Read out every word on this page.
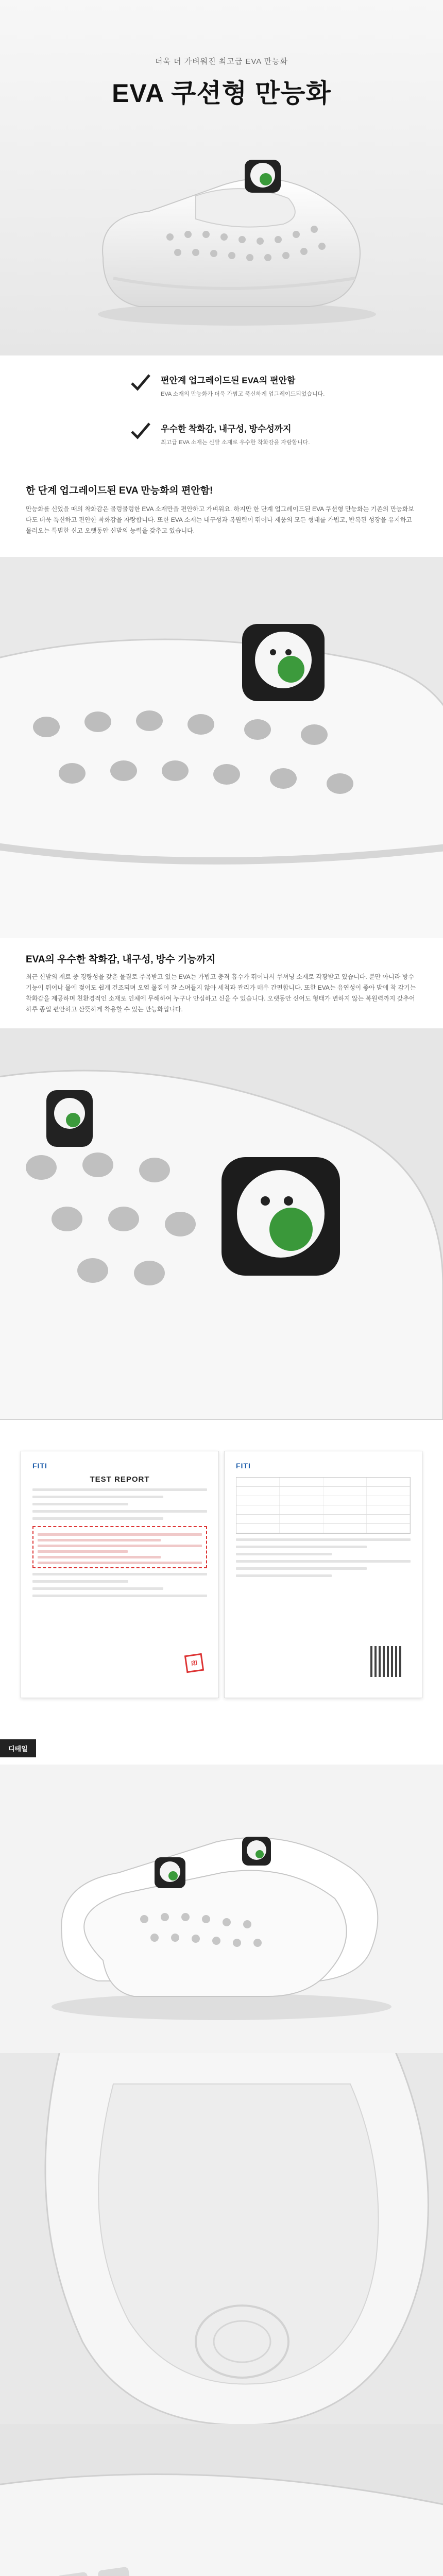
더욱 더 가벼워진 최고급 EVA 만능화
EVA 쿠션형 만능화
편안계 업그레이드된 EVA의 편안함
EVA 소재의 만능화가 더욱 가볍고 푹신하게 업그레이드되었습니다.
우수한 착화감, 내구성, 방수성까지
최고급 EVA 소재는 신발 소재로 우수한 착화감을 자랑합니다.
한 단계 업그레이드된 EVA 만능화의 편안함!
만능화를 신었을 때의 착화감은 물렁물렁한 EVA 소재만을 편안하고 가벼워요. 하지만 한 단계 업그레이드된 EVA 쿠션형 만능화는 기존의 만능화보다도 더욱 푹신하고 편안한 착화감을 자랑합니다. 또한 EVA 소재는 내구성과 복원력이 뛰어나 제품의 모든 형태를 가볍고, 반복된 성장을 유지하고 물러오는 특별한 신고 오랫동안 신발의 능력을 갖추고 있습니다.
EVA의 우수한 착화감, 내구성, 방수 기능까지
최근 신발의 재료 중 경량성을 갖춘 물질로 주목받고 있는 EVA는 가볍고 충격 흡수가 뛰어나서 쿠셔닝 소재로 각광받고 있습니다. 뿐만 아니라 방수 기능이 뛰어나 물에 젖어도 쉽게 건조되며 오염 물질이 잘 스며들지 않아 세척과 관리가 매우 간편합니다. 또한 EVA는 유연성이 좋아 발에 착 감기는 착화감을 제공하며 친환경적인 소재로 인체에 무해하여 누구나 안심하고 신을 수 있습니다. 오랫동안 신어도 형태가 변하지 않는 복원력까지 갖추어 하루 종일 편안하고 산뜻하게 착용할 수 있는 만능화입니다.
FITI
TEST REPORT
印
FITI
디테일
